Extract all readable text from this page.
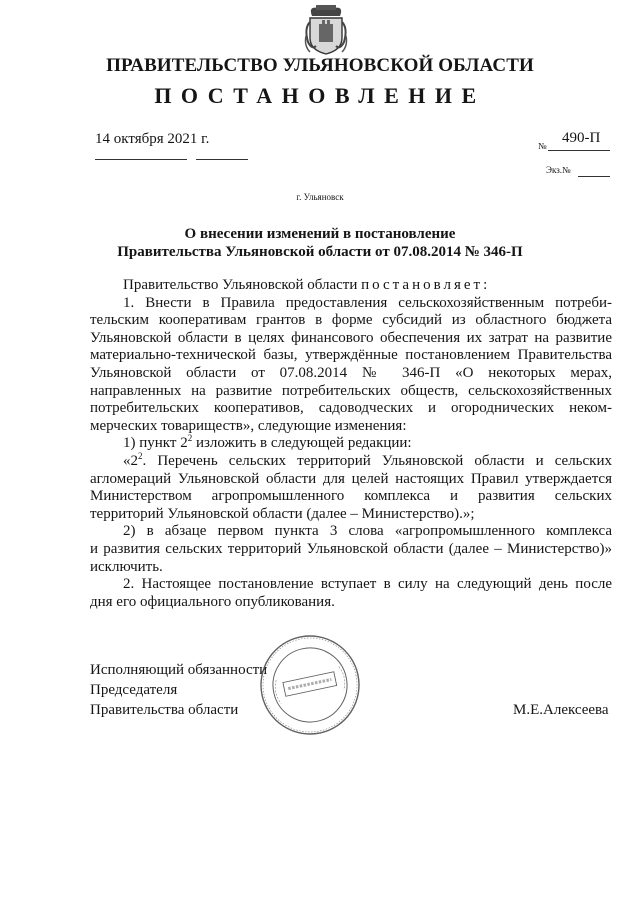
ПРАВИТЕЛЬСТВО УЛЬЯНОВСКОЙ ОБЛАСТИ
ПОСТАНОВЛЕНИЕ
14 октября 2021 г.	№ 490-П
Экз.№
г. Ульяновск
О внесении изменений в постановление
Правительства Ульяновской области от 07.08.2014 № 346-П
Правительство Ульяновской области постановляет:
1. Внести в Правила предоставления сельскохозяйственным потреби-
тельским кооперативам грантов в форме субсидий из областного бюджета
Ульяновской области в целях финансового обеспечения их затрат на развитие
материально-технической базы, утверждённые постановлением Правительства
Ульяновской области от 07.08.2014 № 346-П «О некоторых мерах,
направленных на развитие потребительских обществ, сельскохозяйственных
потребительских кооперативов, садоводческих и огороднических неком-
мерческих товариществ», следующие изменения:
1) пункт $2^2$ изложить в следующей редакции:
«$2^2$. Перечень сельских территорий Ульяновской области и сельских
агломераций Ульяновской области для целей настоящих Правил утверждается
Министерством агропромышленного комплекса и развития сельских
территорий Ульяновской области (далее – Министерство).»;
2) в абзаце первом пункта 3 слова «агропромышленного комплекса
и развития сельских территорий Ульяновской области (далее – Министерство)»
исключить.
2. Настоящее постановление вступает в силу на следующий день после
дня его официального опубликования.
Исполняющий обязанности
Председателя
Правительства области	М.Е.Алексеева
